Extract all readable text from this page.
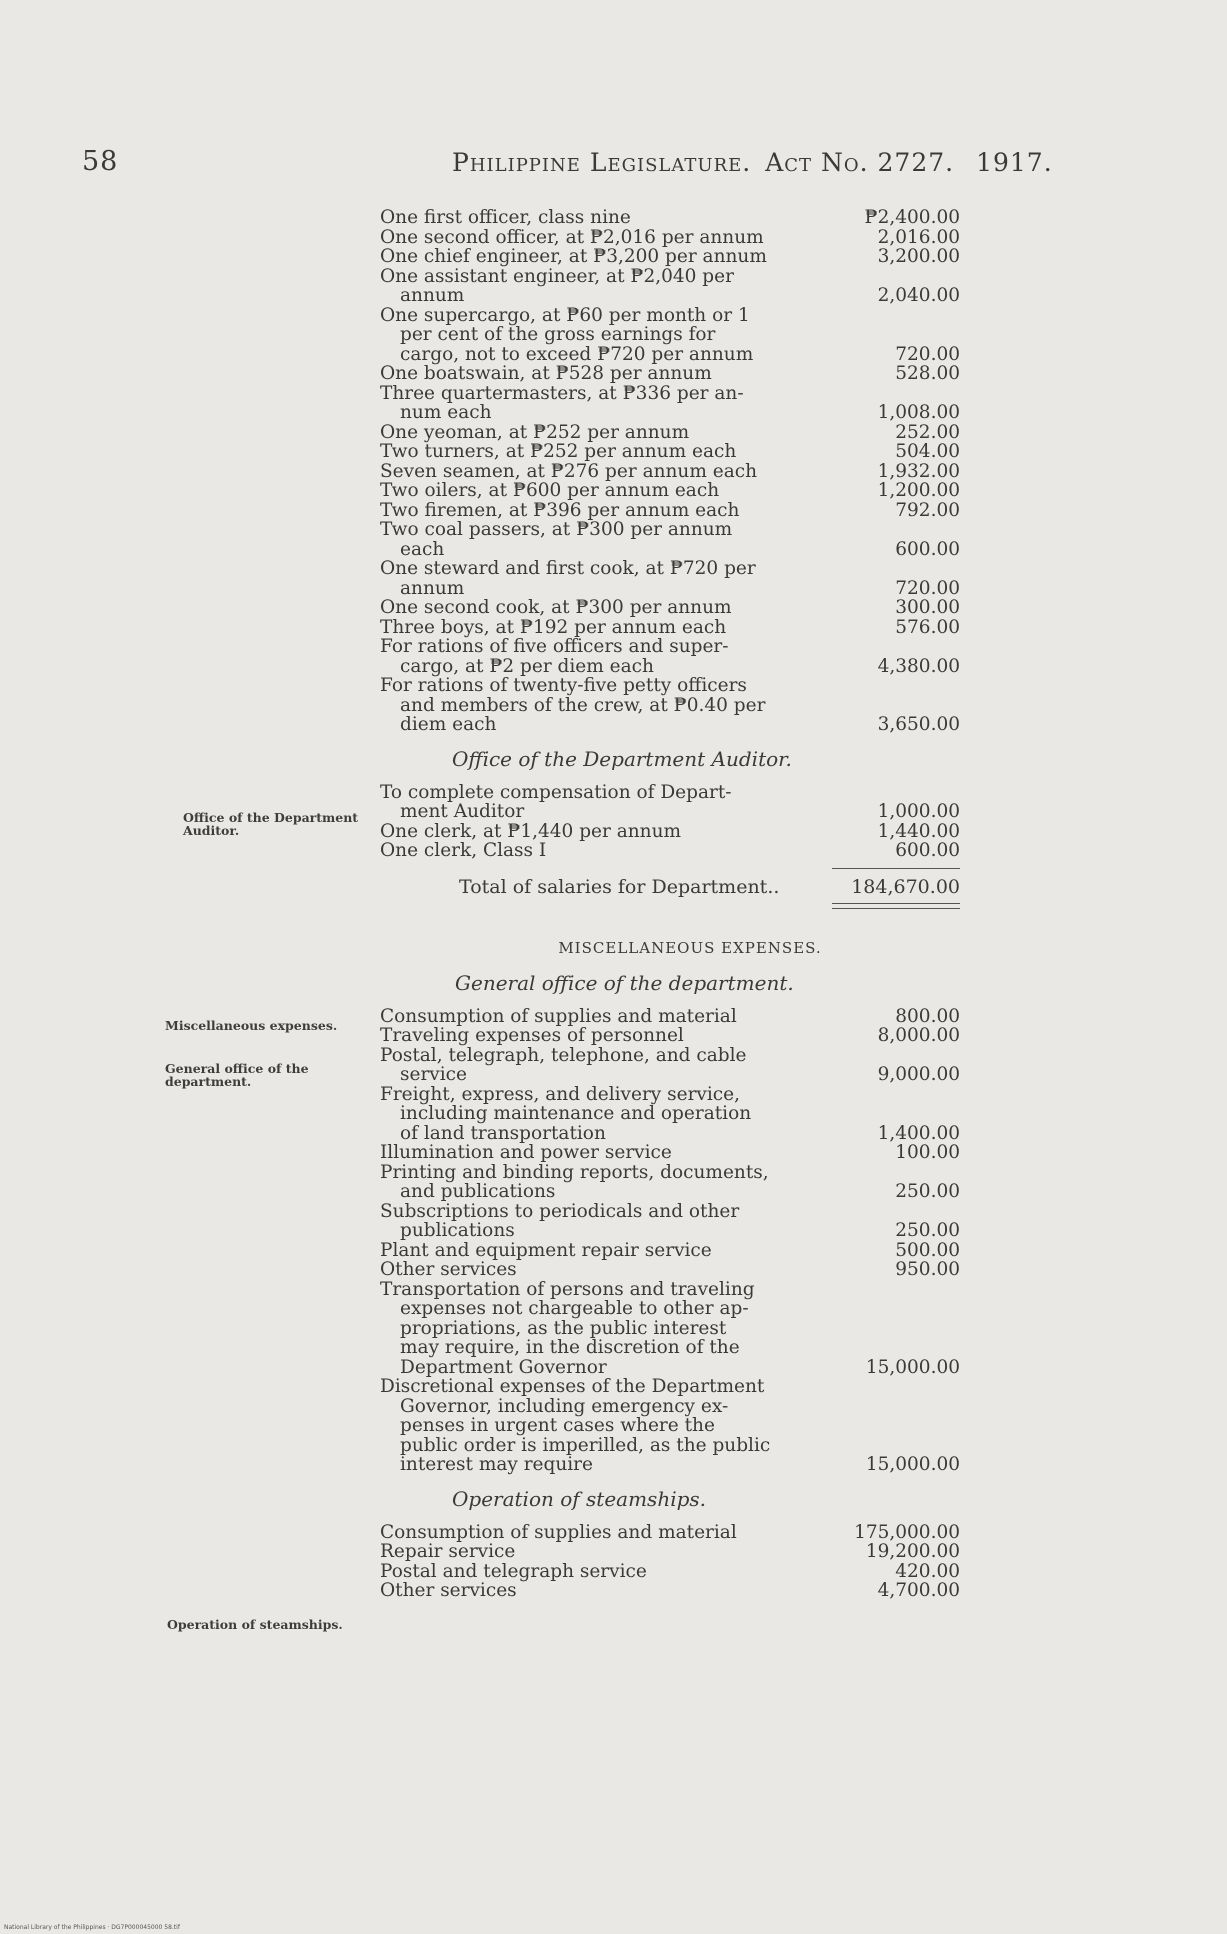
58	Philippine Legislature. Act No. 2727. 1917.
Office of the Department Auditor.
Miscellaneous expenses.
General office of the department.
Operation of steamships.
One first officer, class nine	₱2,400.00
One second officer, at ₱2,016 per annum	2,016.00
One chief engineer, at ₱3,200 per annum	3,200.00
One assistant engineer, at ₱2,040 per
annum	2,040.00
One supercargo, at ₱60 per month or 1
per cent of the gross earnings for
cargo, not to exceed ₱720 per annum	720.00
One boatswain, at ₱528 per annum	528.00
Three quartermasters, at ₱336 per an-
num each	1,008.00
One yeoman, at ₱252 per annum	252.00
Two turners, at ₱252 per annum each	504.00
Seven seamen, at ₱276 per annum each	1,932.00
Two oilers, at ₱600 per annum each	1,200.00
Two firemen, at ₱396 per annum each	792.00
Two coal passers, at ₱300 per annum
each	600.00
One steward and first cook, at ₱720 per
annum	720.00
One second cook, at ₱300 per annum	300.00
Three boys, at ₱192 per annum each	576.00
For rations of five officers and super-
cargo, at ₱2 per diem each	4,380.00
For rations of twenty-five petty officers
and members of the crew, at ₱0.40 per
diem each	3,650.00
Office of the Department Auditor.
To complete compensation of Depart-
ment Auditor	1,000.00
One clerk, at ₱1,440 per annum	1,440.00
One clerk, Class I	600.00
Total of salaries for Department..	184,670.00
MISCELLANEOUS EXPENSES.
General office of the department.
Consumption of supplies and material	800.00
Traveling expenses of personnel	8,000.00
Postal, telegraph, telephone, and cable
service	9,000.00
Freight, express, and delivery service,
including maintenance and operation
of land transportation	1,400.00
Illumination and power service	100.00
Printing and binding reports, documents,
and publications	250.00
Subscriptions to periodicals and other
publications	250.00
Plant and equipment repair service	500.00
Other services	950.00
Transportation of persons and traveling
expenses not chargeable to other ap-
propriations, as the public interest
may require, in the discretion of the
Department Governor	15,000.00
Discretional expenses of the Department
Governor, including emergency ex-
penses in urgent cases where the
public order is imperilled, as the public
interest may require	15,000.00
Operation of steamships.
Consumption of supplies and material	175,000.00
Repair service	19,200.00
Postal and telegraph service	420.00
Other services	4,700.00
National Library of the Philippines · DG7P000045000 58.tif
